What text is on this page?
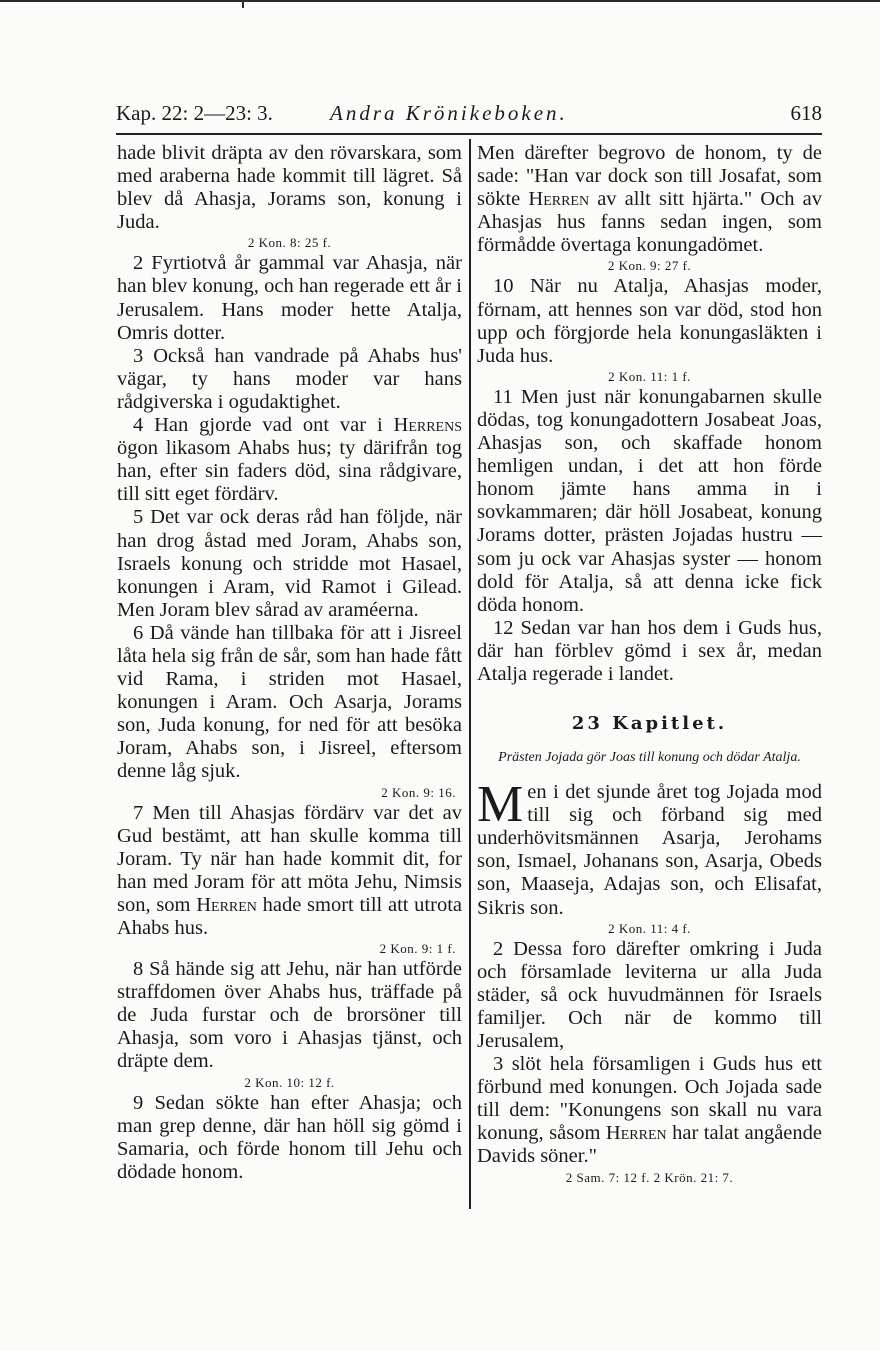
Kap. 22: 2—23: 3.	Andra Krönikeboken.	618

hade blivit dräpta av den rövarskara, som med araberna hade kommit till lägret. Så blev då Ahasja, Jorams son, konung i Juda.

2 Kon. 8: 25 f.

2 Fyrtiotvå år gammal var Ahasja, när han blev konung, och han regerade ett år i Jerusalem. Hans moder hette Atalja, Omris dotter.

3 Också han vandrade på Ahabs hus' vägar, ty hans moder var hans rådgiverska i ogudaktighet.

4 Han gjorde vad ont var i Herrens ögon likasom Ahabs hus; ty därifrån tog han, efter sin faders död, sina rådgivare, till sitt eget fördärv.

5 Det var ock deras råd han följde, när han drog åstad med Joram, Ahabs son, Israels konung och stridde mot Hasael, konungen i Aram, vid Ramot i Gilead. Men Joram blev sårad av araméerna.

6 Då vände han tillbaka för att i Jisreel låta hela sig från de sår, som han hade fått vid Rama, i striden mot Hasael, konungen i Aram. Och Asarja, Jorams son, Juda konung, for ned för att besöka Joram, Ahabs son, i Jisreel, eftersom denne låg sjuk.

2 Kon. 9: 16.

7 Men till Ahasjas fördärv var det av Gud bestämt, att han skulle komma till Joram. Ty när han hade kommit dit, for han med Joram för att möta Jehu, Nimsis son, som Herren hade smort till att utrota Ahabs hus.

2 Kon. 9: 1 f.

8 Så hände sig att Jehu, när han utförde straffdomen över Ahabs hus, träffade på de Juda furstar och de brorsöner till Ahasja, som voro i Ahasjas tjänst, och dräpte dem.

2 Kon. 10: 12 f.

9 Sedan sökte han efter Ahasja; och man grep denne, där han höll sig gömd i Samaria, och förde honom till Jehu och dödade honom.

Men därefter begrovo de honom, ty de sade: "Han var dock son till Josafat, som sökte Herren av allt sitt hjärta." Och av Ahasjas hus fanns sedan ingen, som förmådde övertaga konungadömet.

2 Kon. 9: 27 f.

10 När nu Atalja, Ahasjas moder, förnam, att hennes son var död, stod hon upp och förgjorde hela konungasläkten i Juda hus.

2 Kon. 11: 1 f.

11 Men just när konungabarnen skulle dödas, tog konungadottern Josabeat Joas, Ahasjas son, och skaffade honom hemligen undan, i det att hon förde honom jämte hans amma in i sovkammaren; där höll Josabeat, konung Jorams dotter, prästen Jojadas hustru — som ju ock var Ahasjas syster — honom dold för Atalja, så att denna icke fick döda honom.

12 Sedan var han hos dem i Guds hus, där han förblev gömd i sex år, medan Atalja regerade i landet.

23 Kapitlet.
Prästen Jojada gör Joas till konung och dödar Atalja.

Men i det sjunde året tog Jojada mod till sig och förband sig med underhövitsmännen Asarja, Jerohams son, Ismael, Johanans son, Asarja, Obeds son, Maaseja, Adajas son, och Elisafat, Sikris son.

2 Kon. 11: 4 f.

2 Dessa foro därefter omkring i Juda och församlade leviterna ur alla Juda städer, så ock huvudmännen för Israels familjer. Och när de kommo till Jerusalem,

3 slöt hela församligen i Guds hus ett förbund med konungen. Och Jojada sade till dem: "Konungens son skall nu vara konung, såsom Herren har talat angående Davids söner."

2 Sam. 7: 12 f. 2 Krön. 21: 7.
